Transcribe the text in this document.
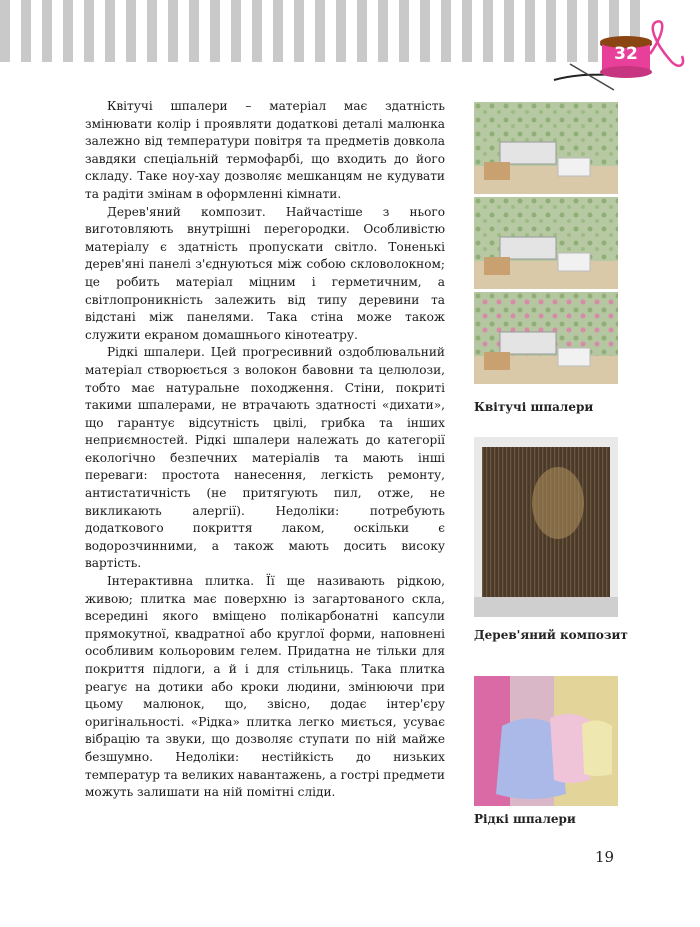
32

Квітучі шпалери – матеріал має здатність змінювати колір і проявляти додаткові деталі малюнка залежно від температури повітря та предметів довкола завдяки спеціальній термофарбі, що входить до його складу. Таке ноу-хау дозволяє мешканцям не кудувати та радіти змінам в оформленні кімнати.

Дерев'яний композит. Найчастіше з нього виготовляють внутрішні перегородки. Особливістю матеріалу є здатність пропускати світло. Тоненькі дерев'яні панелі з'єднуються між собою скловолокном; це робить матеріал міцним і герметичним, а світлопроникність залежить від типу деревини та відстані між панелями. Така стіна може також служити екраном домашнього кінотеатру.

Рідкі шпалери. Цей прогресивний оздоблювальний матеріал створюється з волокон бавовни та целюлози, тобто має натуральне походження. Стіни, покриті такими шпалерами, не втрачають здатності «дихати», що гарантує відсутність цвілі, грибка та інших неприємностей. Рідкі шпалери належать до категорії екологічно безпечних матеріалів та мають інші переваги: простота нанесення, легкість ремонту, антистатичність (не притягують пил, отже, не викликають алергії). Недоліки: потребують додаткового покриття лаком, оскільки є водорозчинними, а також мають досить високу вартість.

Інтерактивна плитка. Її ще називають рідкою, живою; плитка має поверхню із загартованого скла, всередині якого вміщено полікарбонатні капсули прямокутної, квадратної або круглої форми, наповнені особливим кольоровим гелем. Придатна не тільки для покриття підлоги, а й і для стільниць. Така плитка реагує на дотики або кроки людини, змінюючи при цьому малюнок, що, звісно, додає інтер'єру оригінальності. «Рідка» плитка легко миється, усуває вібрацію та звуки, що дозволяє ступати по ній майже безшумно. Недоліки: нестійкість до низьких температур та великих навантажень, а гострі предмети можуть залишати на ній помітні сліди.

Квітучі шпалери
Дерев'яний композит
Рідкі шпалери
19
